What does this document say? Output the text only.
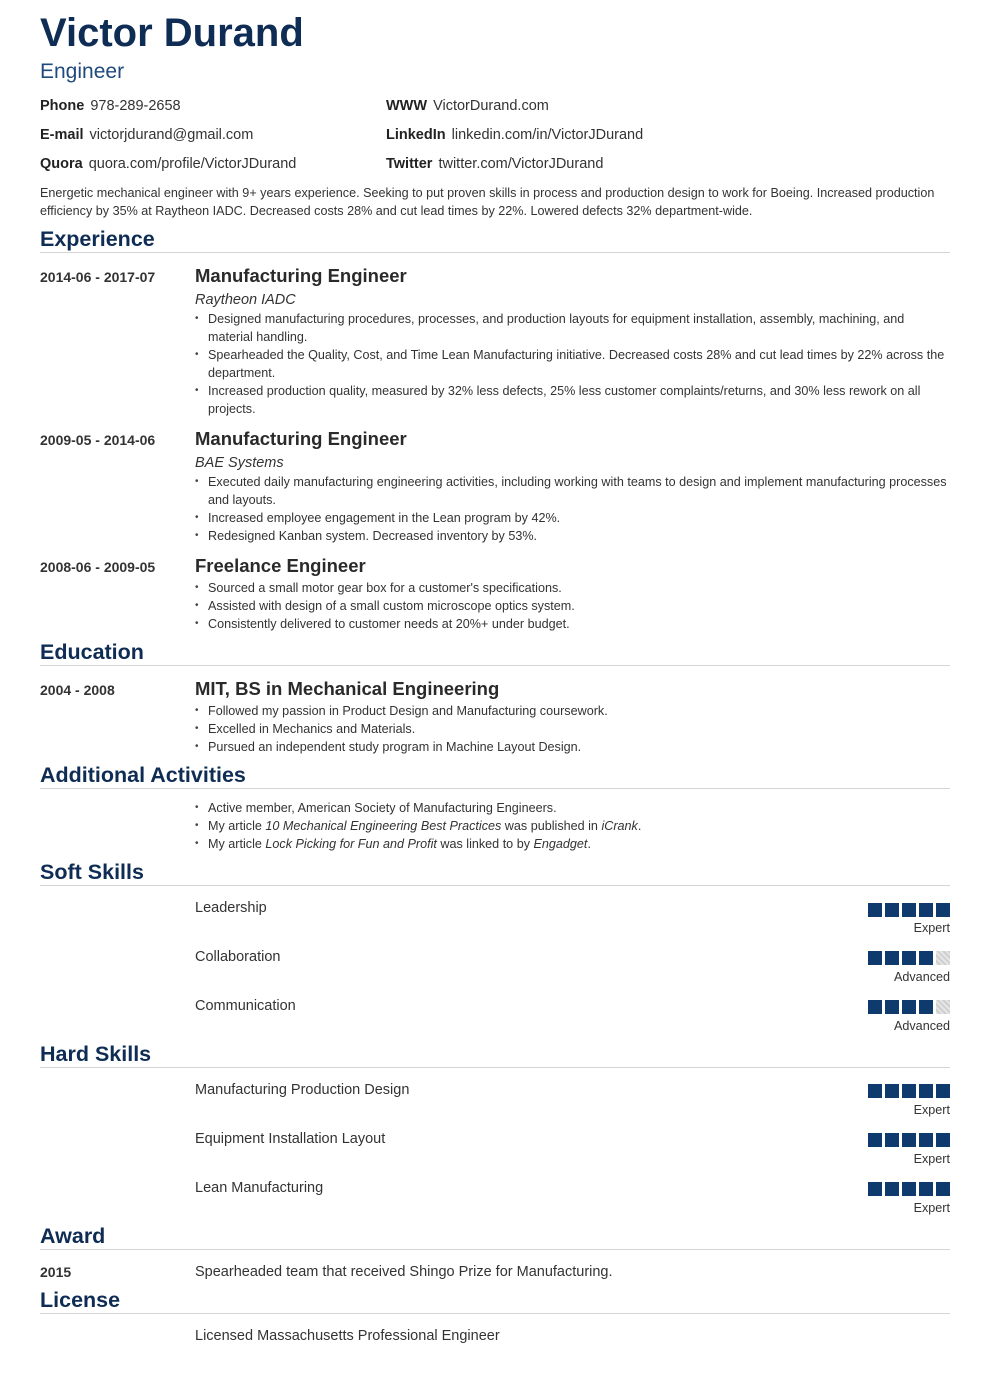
Victor Durand
Engineer
Phone 978-289-2658	WWW VictorDurand.com
E-mail victorjdurand@gmail.com	LinkedIn linkedin.com/in/VictorJDurand
Quora quora.com/profile/VictorJDurand	Twitter twitter.com/VictorJDurand
Energetic mechanical engineer with 9+ years experience. Seeking to put proven skills in process and production design to work for Boeing. Increased production efficiency by 35% at Raytheon IADC. Decreased costs 28% and cut lead times by 22%. Lowered defects 32% department-wide.
Experience
2014-06 - 2017-07 Manufacturing Engineer
Raytheon IADC
• Designed manufacturing procedures, processes, and production layouts for equipment installation, assembly, machining, and material handling.
• Spearheaded the Quality, Cost, and Time Lean Manufacturing initiative. Decreased costs 28% and cut lead times by 22% across the department.
• Increased production quality, measured by 32% less defects, 25% less customer complaints/returns, and 30% less rework on all projects.
2009-05 - 2014-06 Manufacturing Engineer
BAE Systems
• Executed daily manufacturing engineering activities, including working with teams to design and implement manufacturing processes and layouts.
• Increased employee engagement in the Lean program by 42%.
• Redesigned Kanban system. Decreased inventory by 53%.
2008-06 - 2009-05 Freelance Engineer
• Sourced a small motor gear box for a customer's specifications.
• Assisted with design of a small custom microscope optics system.
• Consistently delivered to customer needs at 20%+ under budget.
Education
2004 - 2008	MIT, BS in Mechanical Engineering
• Followed my passion in Product Design and Manufacturing coursework.
• Excelled in Mechanics and Materials.
• Pursued an independent study program in Machine Layout Design.
Additional Activities
• Active member, American Society of Manufacturing Engineers.
• My article 10 Mechanical Engineering Best Practices was published in iCrank.
• My article Lock Picking for Fun and Profit was linked to by Engadget.
Soft Skills
Leadership
Expert
Collaboration
Advanced
Communication
Advanced
Hard Skills
Manufacturing Production Design
Expert
Equipment Installation Layout
Expert
Lean Manufacturing
Expert
Award
2015	Spearheaded team that received Shingo Prize for Manufacturing.
License
Licensed Massachusetts Professional Engineer
